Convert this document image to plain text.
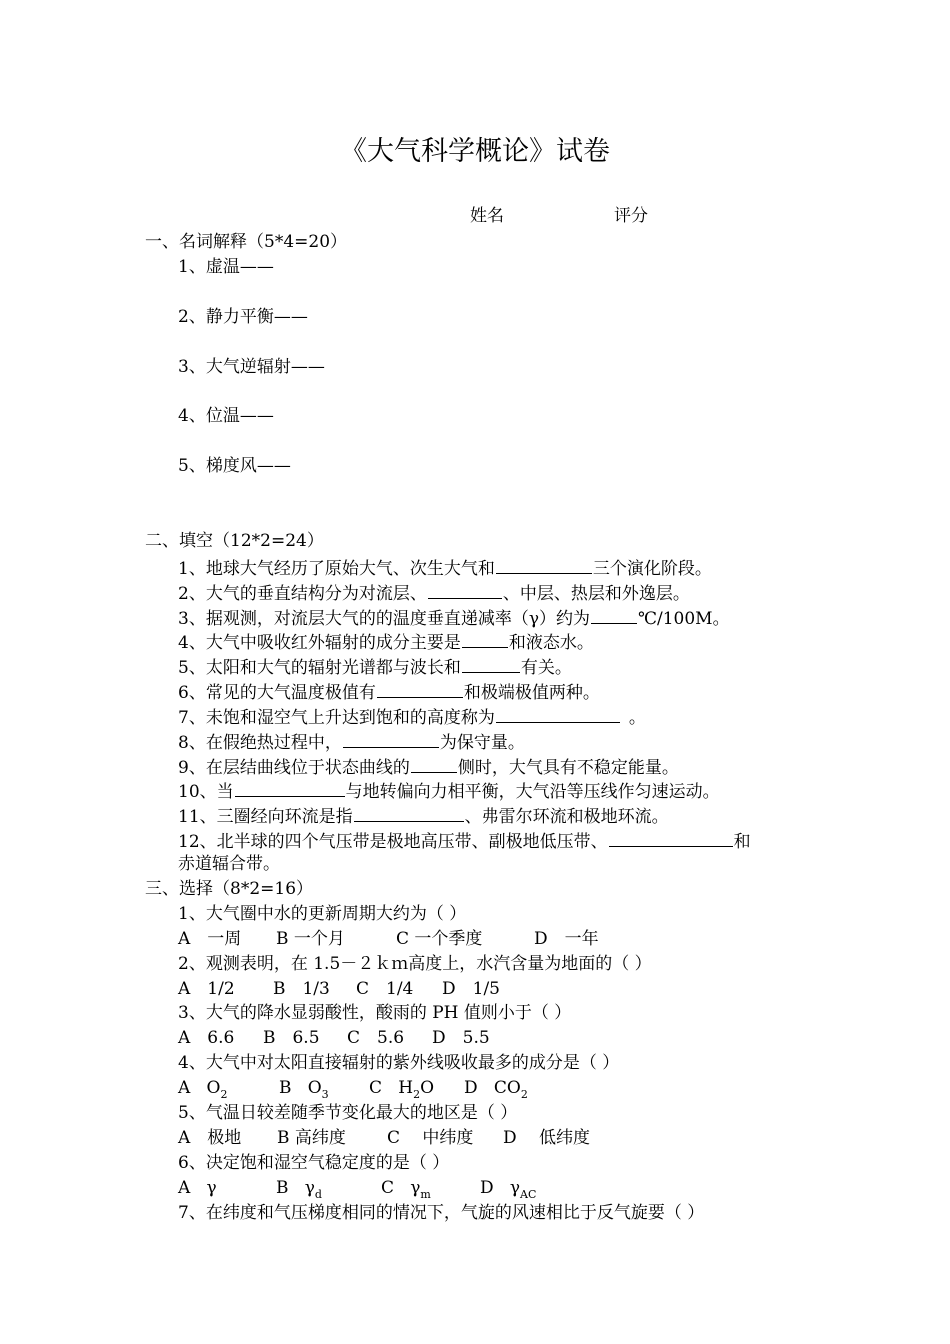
《大气科学概论》试卷
姓名	评分
一、名词解释（5*4=20）
1、虚温——
2、静力平衡——
3、大气逆辐射——
4、位温——
5、梯度风——
二、填空（12*2=24）
1、地球大气经历了原始大气、次生大气和	三个演化阶段。
2、大气的垂直结构分为对流层、	、中层、热层和外逸层。
3、据观测，对流层大气的的温度垂直递减率（γ）约为	℃/100M。
4、大气中吸收红外辐射的成分主要是	和液态水。
5、太阳和大气的辐射光谱都与波长和	有关。
6、常见的大气温度极值有	和极端极值两种。
7、未饱和湿空气上升达到饱和的高度称为	。
8、在假绝热过程中，	为保守量。
9、在层结曲线位于状态曲线的	侧时，大气具有不稳定能量。
10、当	与地转偏向力相平衡，大气沿等压线作匀速运动。
11、三圈经向环流是指	、弗雷尔环流和极地环流。
12、北半球的四个气压带是极地高压带、副极地低压带、	和
赤道辐合带。
三、选择（8*2=16）
1、大气圈中水的更新周期大约为（ ）
A　一周 B 一个月	C 一个季度	D　一年
2、观测表明，在 1.5－２ｋｍ高度上，水汽含量为地面的（ ）
A　1/2 B　1/3 C　1/4 D　1/5
3、大气的降水显弱酸性，酸雨的 PH 值则小于（ ）
A　6.6 B　6.5 C　5.6 D　5.5
4、大气中对太阳直接辐射的紫外线吸收最多的成分是（ ）
A $O_2$	B $O_3$ C $H_2O$ D $CO_2$
5、气温日较差随季节变化最大的地区是（ ）
A　极地 B 高纬度 C　 中纬度 D　 低纬度
6、决定饱和湿空气稳定度的是（ ）
A γ	B $\gamma_d$	C $\gamma_m$	D $\gamma_{AC}$
7、在纬度和气压梯度相同的情况下，气旋的风速相比于反气旋要（ ）
